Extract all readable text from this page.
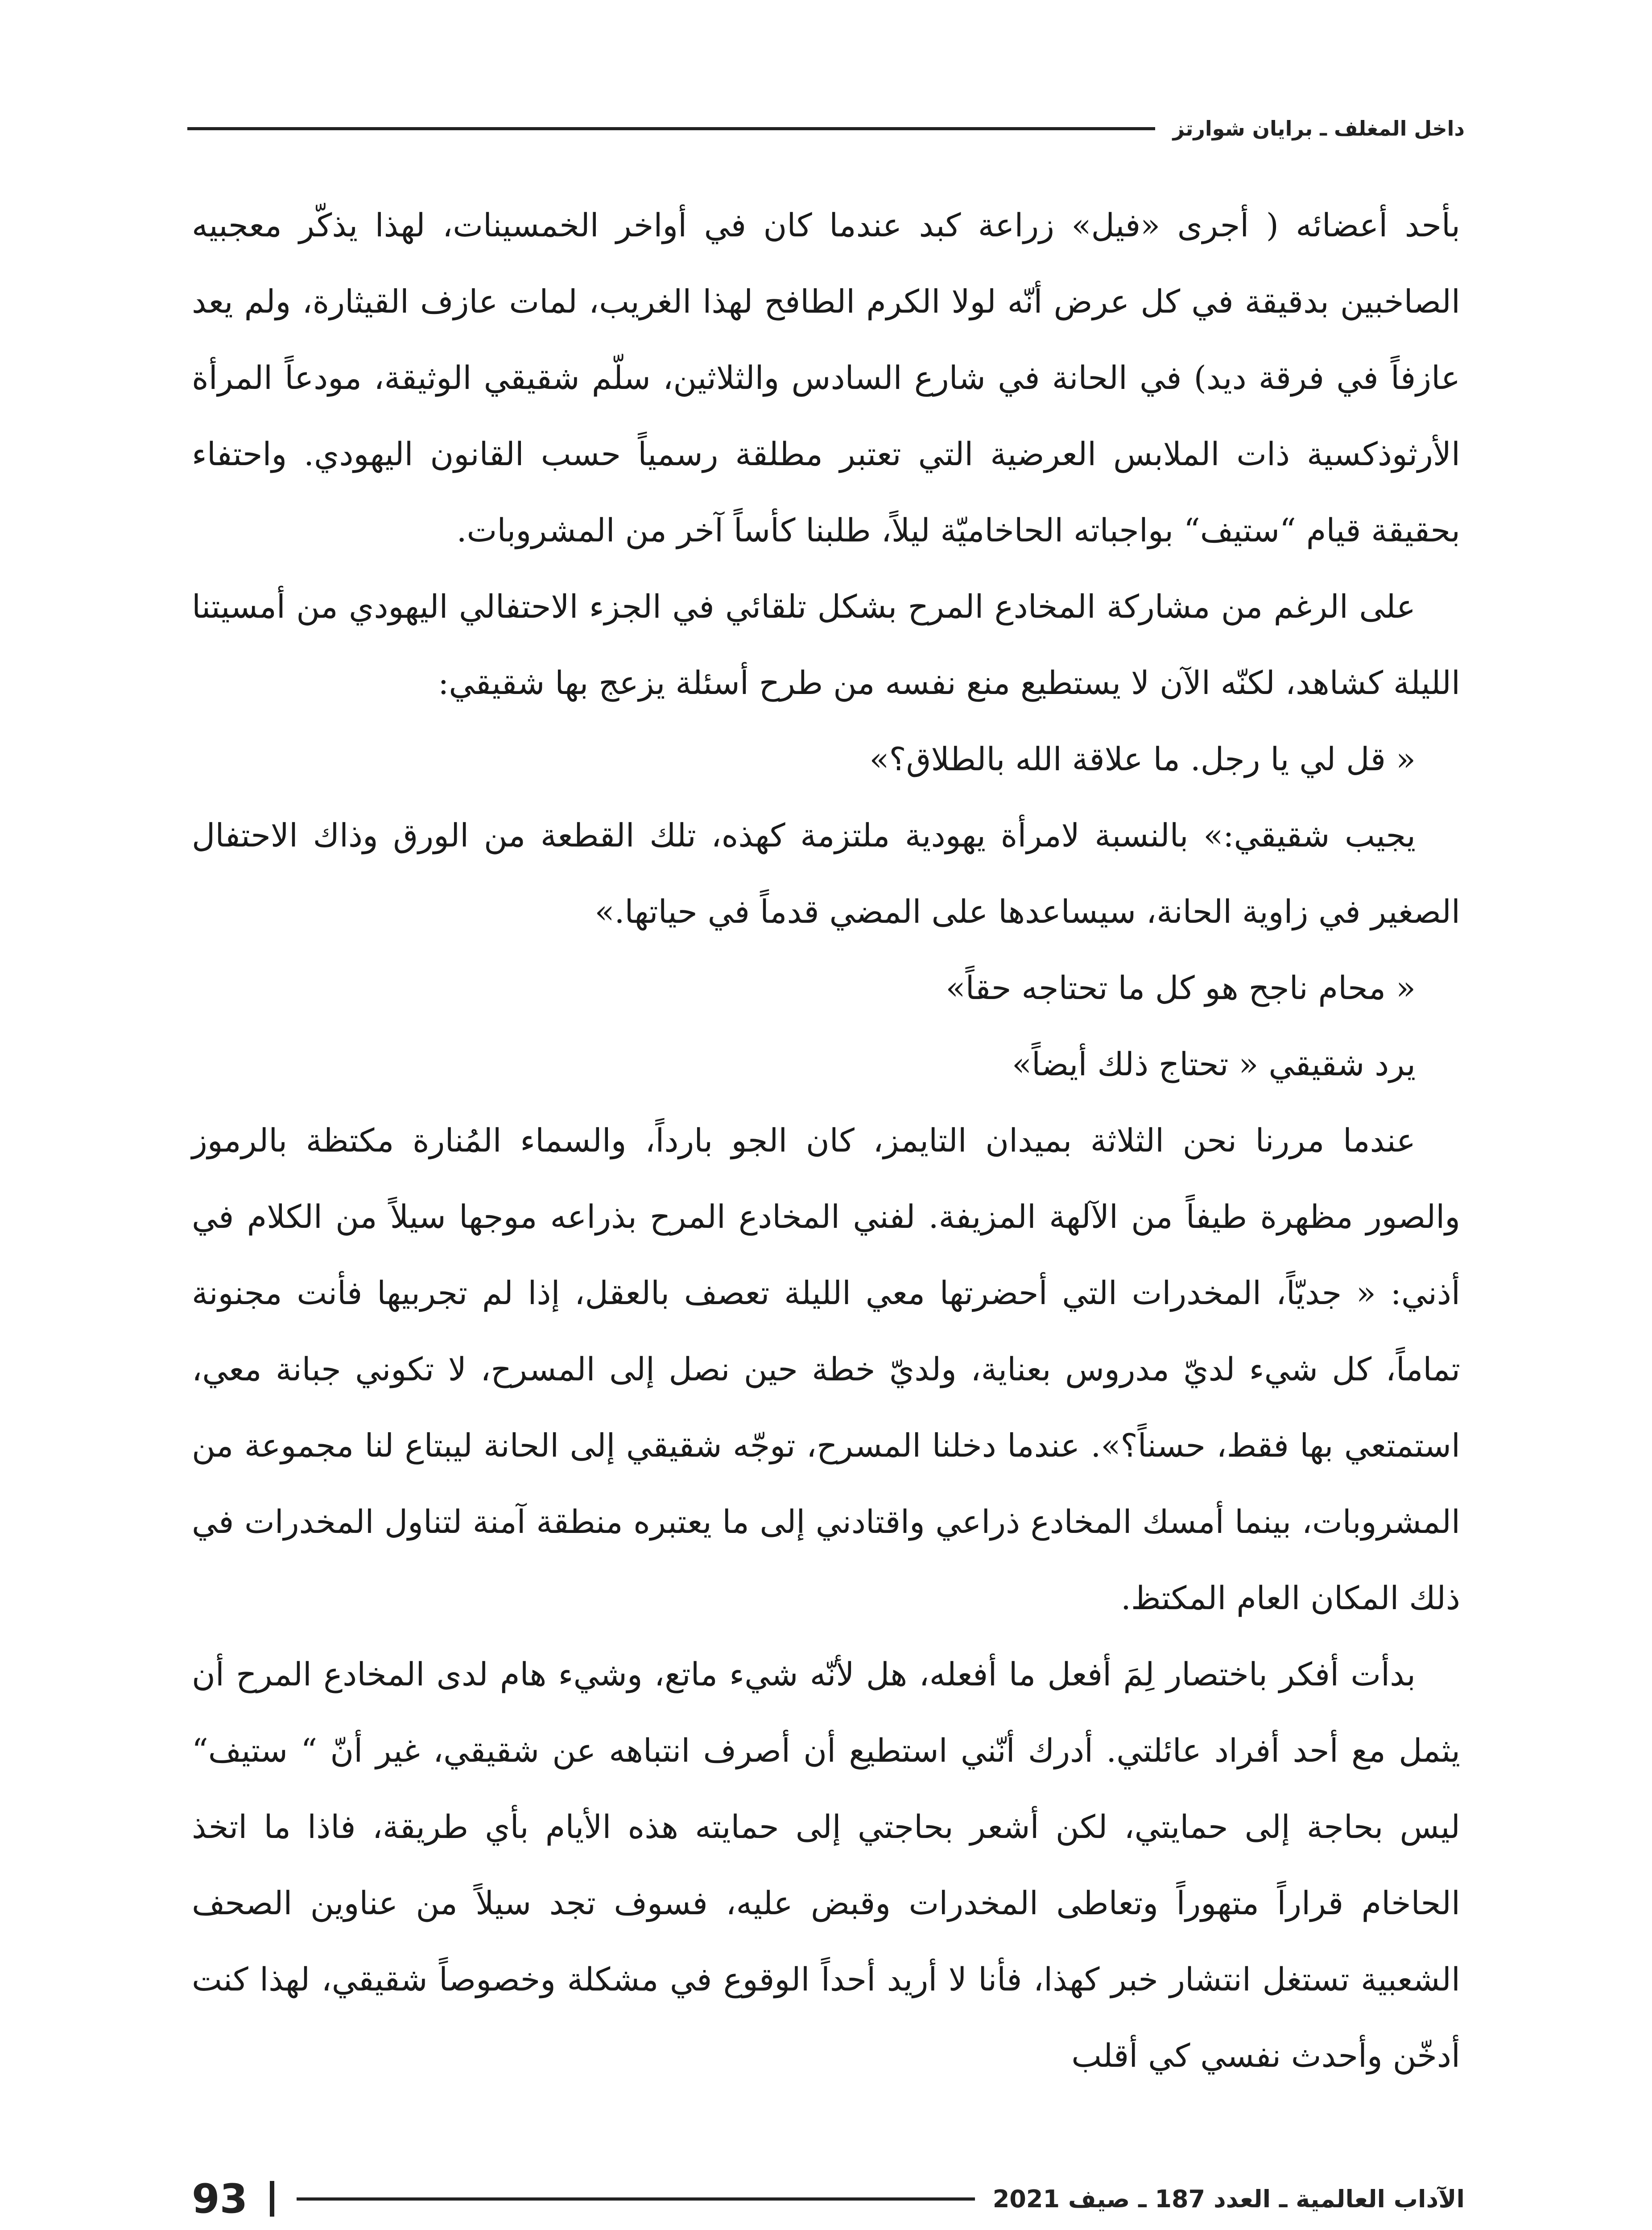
داخل المغلف ـ برايان شوارتز

بأحد أعضائه ( أجرى «فيل» زراعة كبد عندما كان في أواخر الخمسينات، لهذا يذكّر معجبيه الصاخبين بدقيقة في كل عرض أنّه لولا الكرم الطافح لهذا الغريب، لمات عازف القيثارة، ولم يعد عازفاً في فرقة ديد) في الحانة في شارع السادس والثلاثين، سلّم شقيقي الوثيقة، مودعاً المرأة الأرثوذكسية ذات الملابس العرضية التي تعتبر مطلقة رسمياً حسب القانون اليهودي. واحتفاء بحقيقة قيام “ستيف“ بواجباته الحاخاميّة ليلاً، طلبنا كأساً آخر من المشروبات.

على الرغم من مشاركة المخادع المرح بشكل تلقائي في الجزء الاحتفالي اليهودي من أمسيتنا الليلة كشاهد، لكنّه الآن لا يستطيع منع نفسه من طرح أسئلة يزعج بها شقيقي:

« قل لي يا رجل. ما علاقة الله بالطلاق؟»

يجيب شقيقي:» بالنسبة لامرأة يهودية ملتزمة كهذه، تلك القطعة من الورق وذاك الاحتفال الصغير في زاوية الحانة، سيساعدها على المضي قدماً في حياتها.»

« محام ناجح هو كل ما تحتاجه حقاً»

يرد شقيقي « تحتاج ذلك أيضاً»

عندما مررنا نحن الثلاثة بميدان التايمز، كان الجو بارداً، والسماء المُنارة مكتظة بالرموز والصور مظهرة طيفاً من الآلهة المزيفة. لفني المخادع المرح بذراعه موجها سيلاً من الكلام في أذني: « جديّاً، المخدرات التي أحضرتها معي الليلة تعصف بالعقل، إذا لم تجربيها فأنت مجنونة تماماً، كل شيء لديّ مدروس بعناية، ولديّ خطة حين نصل إلى المسرح، لا تكوني جبانة معي، استمتعي بها فقط، حسناً؟». عندما دخلنا المسرح، توجّه شقيقي إلى الحانة ليبتاع لنا مجموعة من المشروبات، بينما أمسك المخادع ذراعي واقتادني إلى ما يعتبره منطقة آمنة لتناول المخدرات في ذلك المكان العام المكتظ.

بدأت أفكر باختصار لِمَ أفعل ما أفعله، هل لأنّه شيء ماتع، وشيء هام لدى المخادع المرح أن يثمل مع أحد أفراد عائلتي. أدرك أنّني استطيع أن أصرف انتباهه عن شقيقي، غير أنّ “ ستيف“ ليس بحاجة إلى حمايتي، لكن أشعر بحاجتي إلى حمايته هذه الأيام بأي طريقة، فاذا ما اتخذ الحاخام قراراً متهوراً وتعاطى المخدرات وقبض عليه، فسوف تجد سيلاً من عناوين الصحف الشعبية تستغل انتشار خبر كهذا، فأنا لا أريد أحداً الوقوع في مشكلة وخصوصاً شقيقي، لهذا كنت أدخّن وأحدث نفسي كي أقلب

الآداب العالمية ـ العدد 187 ـ صيف 2021
93
